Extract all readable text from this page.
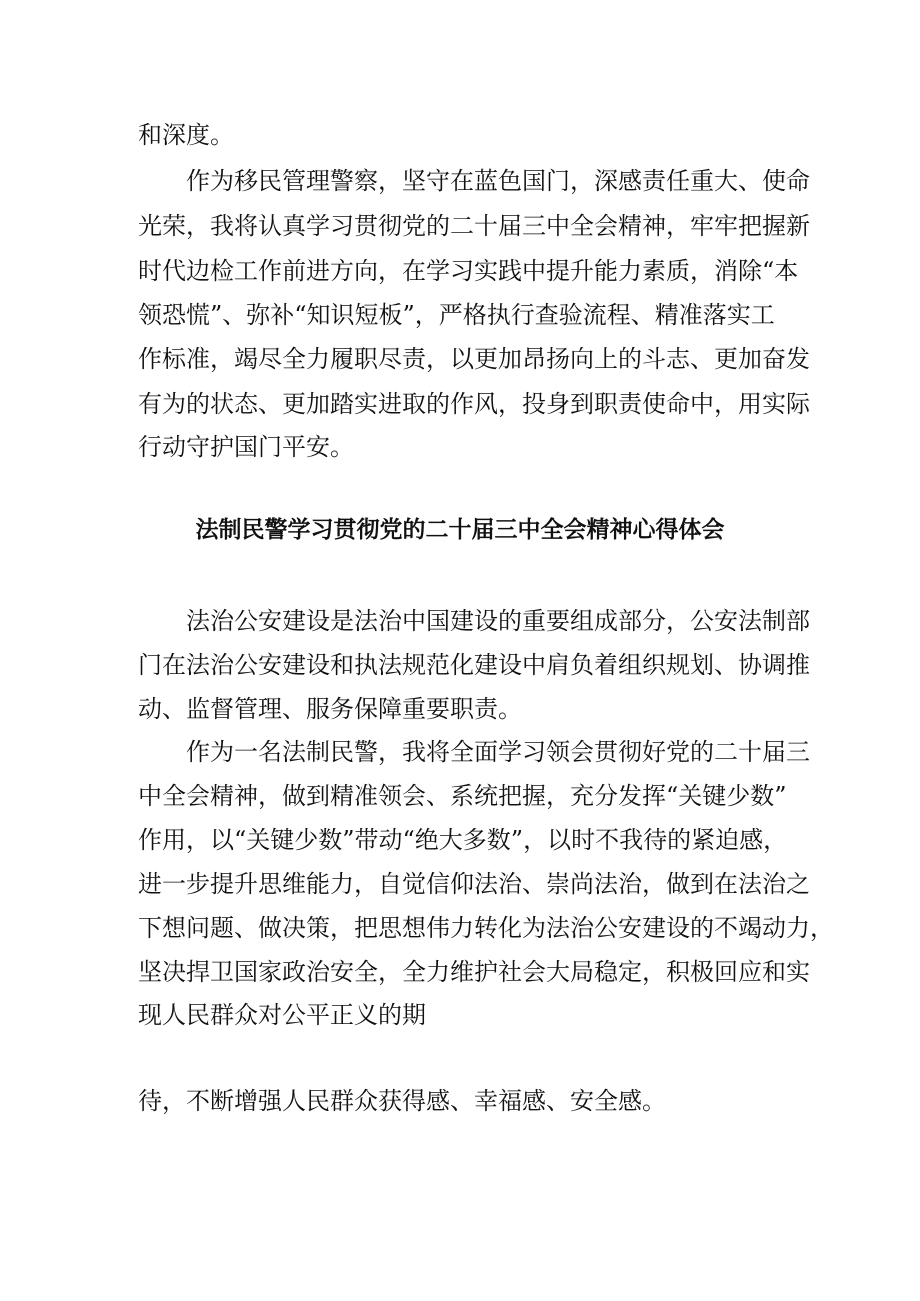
和深度。

作为移民管理警察，坚守在蓝色国门，深感责任重大、使命

光荣，我将认真学习贯彻党的二十届三中全会精神，牢牢把握新

时代边检工作前进方向，在学习实践中提升能力素质，消除“本

领恐慌”、弥补“知识短板”，严格执行查验流程、精准落实工

作标准，竭尽全力履职尽责，以更加昂扬向上的斗志、更加奋发

有为的状态、更加踏实进取的作风，投身到职责使命中，用实际

行动守护国门平安。

法制民警学习贯彻党的二十届三中全会精神心得体会

法治公安建设是法治中国建设的重要组成部分，公安法制部

门在法治公安建设和执法规范化建设中肩负着组织规划、协调推

动、监督管理、服务保障重要职责。

作为一名法制民警，我将全面学习领会贯彻好党的二十届三

中全会精神，做到精准领会、系统把握，充分发挥“关键少数”

作用，以“关键少数”带动“绝大多数”，以时不我待的紧迫感，

进一步提升思维能力，自觉信仰法治、崇尚法治，做到在法治之

下想问题、做决策，把思想伟力转化为法治公安建设的不竭动力，

坚决捍卫国家政治安全，全力维护社会大局稳定，积极回应和实

现人民群众对公平正义的期

待，不断增强人民群众获得感、幸福感、安全感。
